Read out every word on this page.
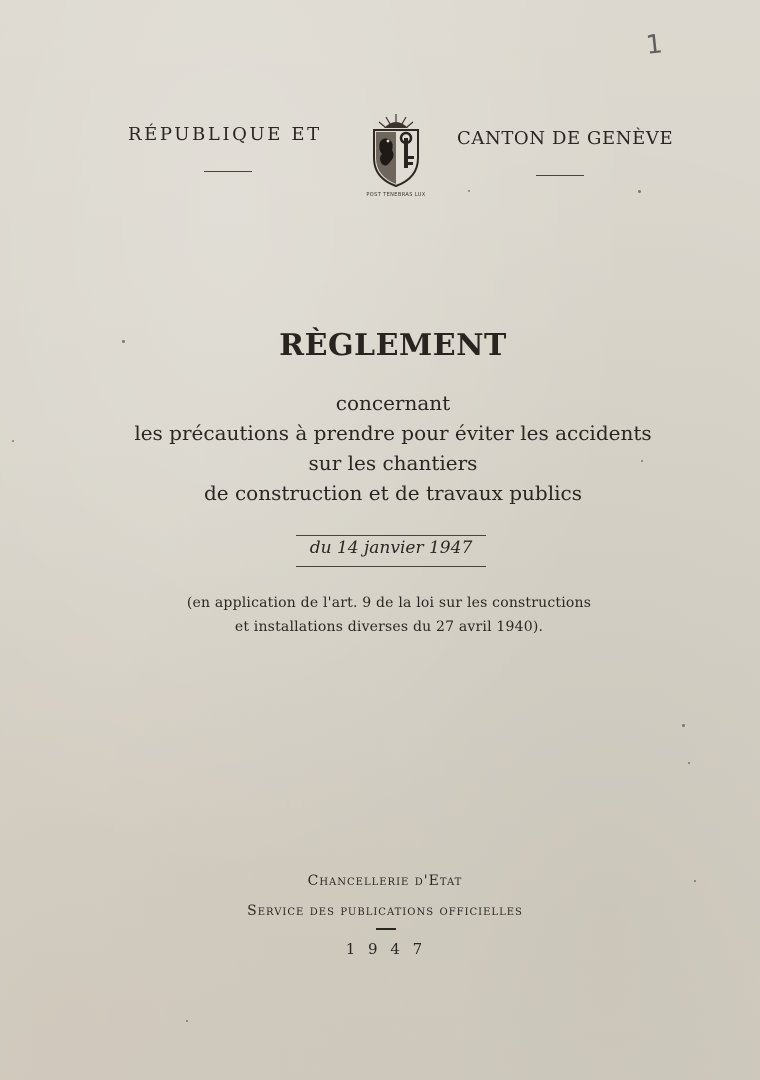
1
RÉPUBLIQUE ET
POST TENEBRAS LUX
CANTON DE GENÈVE
RÈGLEMENT
concernant
les précautions à prendre pour éviter les accidents
sur les chantiers
de construction et de travaux publics
du 14 janvier 1947
(en application de l'art. 9 de la loi sur les constructions
et installations diverses du 27 avril 1940).
Chancellerie d'Etat
Service des publications officielles
1 9 4 7
